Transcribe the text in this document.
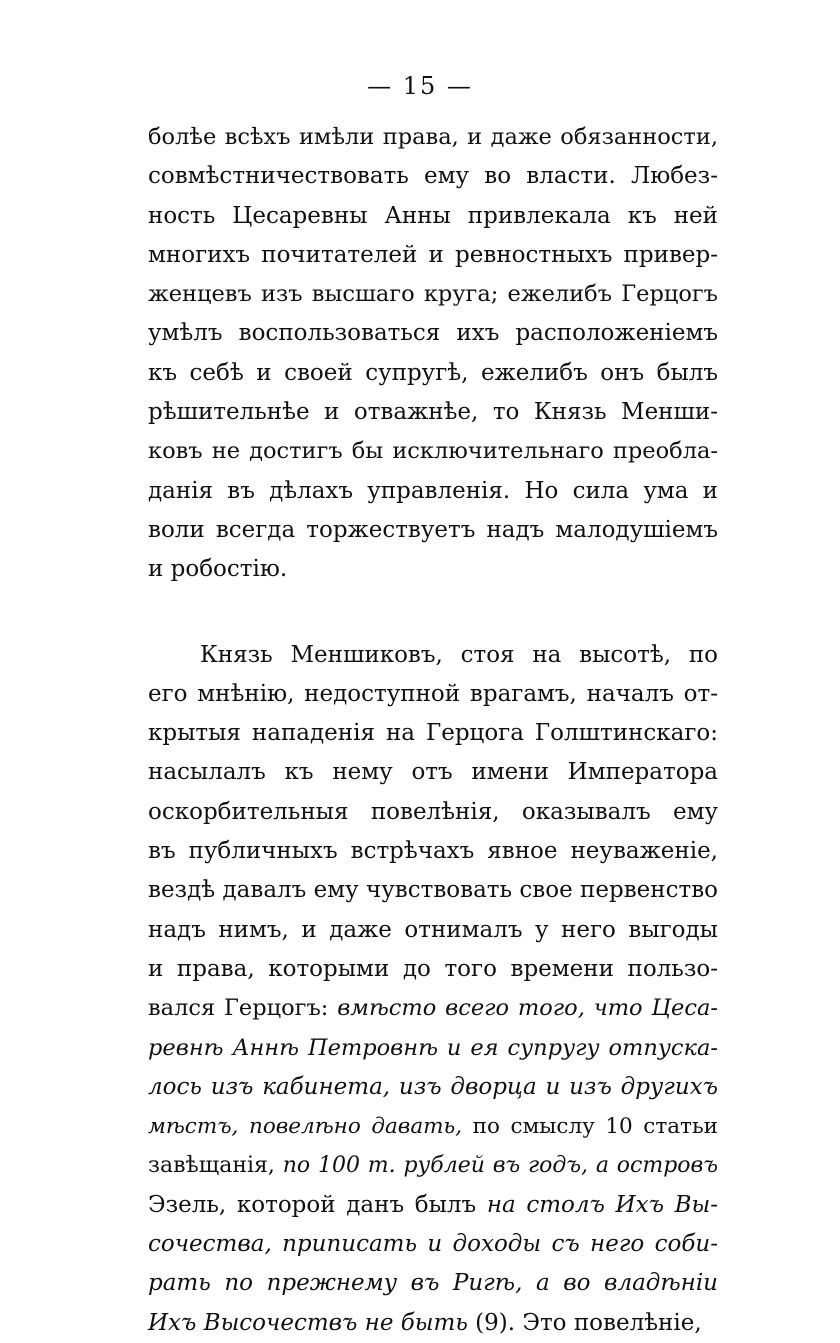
— 15 —
болѣе всѣхъ имѣли права, и даже обязанности,
совмѣстничествовать ему во власти. Любез-
ность Цесаревны Анны привлекала къ ней
многихъ почитателей и ревностныхъ привер-
женцевъ изъ высшаго круга; ежелибъ Герцогъ
умѣлъ воспользоваться ихъ расположеніемъ
къ себѣ и своей супругѣ, ежелибъ онъ былъ
рѣшительнѣе и отважнѣе, то Князь Менши-
ковъ не достигъ бы исключительнаго преобла-
данія въ дѣлахъ управленія. Но сила ума и
воли всегда торжествуетъ надъ малодушіемъ
и робостію.
Князь Меншиковъ, стоя на высотѣ, по
его мнѣнію, недоступной врагамъ, началъ от-
крытыя нападенія на Герцога Голштинскаго:
насылалъ къ нему отъ имени Императора
оскорбительныя повелѣнія, оказывалъ ему
въ публичныхъ встрѣчахъ явное неуваженіе,
вездѣ давалъ ему чувствовать свое первенство
надъ нимъ, и даже отнималъ у него выгоды
и права, которыми до того времени пользо-
вался Герцогъ: вмѣсто всего того, что Цеса-
ревнѣ Аннѣ Петровнѣ и ея супругу отпуска-
лось изъ кабинета, изъ дворца и изъ другихъ
мѣстъ, повелѣно давать, по смыслу 10 статьи
завѣщанія, по 100 т. рублей въ годъ, а островъ
Эзель, которой данъ былъ на столъ Ихъ Вы-
сочества, приписать и доходы съ него соби-
рать по прежнему въ Ригѣ, а во владѣніи
Ихъ Высочествъ не быть (9). Это повелѣніе,
